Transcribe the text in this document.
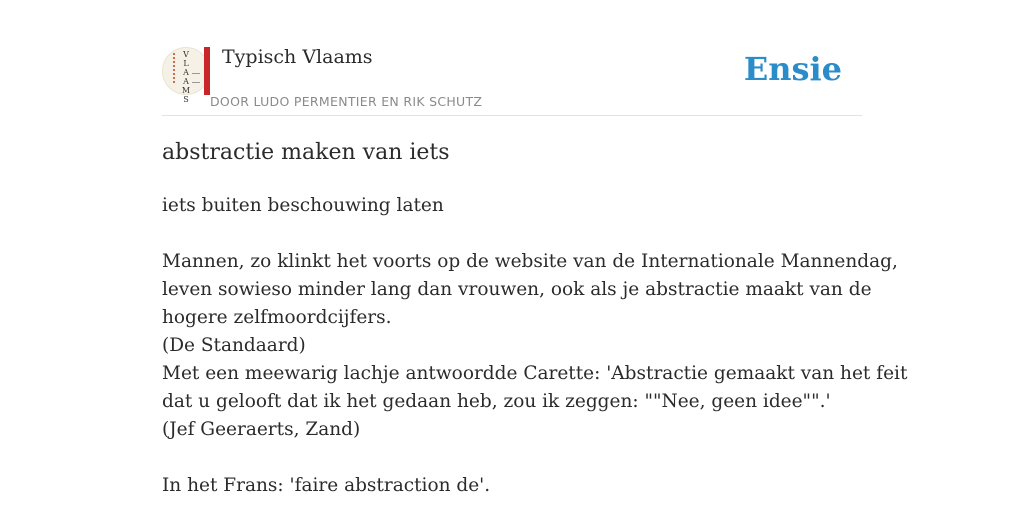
V
L
A
A
M
S
Typisch Vlaams
DOOR LUDO PERMENTIER EN RIK SCHUTZ
Ensie
abstractie maken van iets
iets buiten beschouwing laten
Mannen, zo klinkt het voorts op de website van de Internationale Mannendag,
leven sowieso minder lang dan vrouwen, ook als je abstractie maakt van de
hogere zelfmoordcijfers.
(De Standaard)
Met een meewarig lachje antwoordde Carette: 'Abstractie gemaakt van het feit
dat u gelooft dat ik het gedaan heb, zou ik zeggen: ""Nee, geen idee"".'
(Jef Geeraerts, Zand)
In het Frans: 'faire abstraction de'.
